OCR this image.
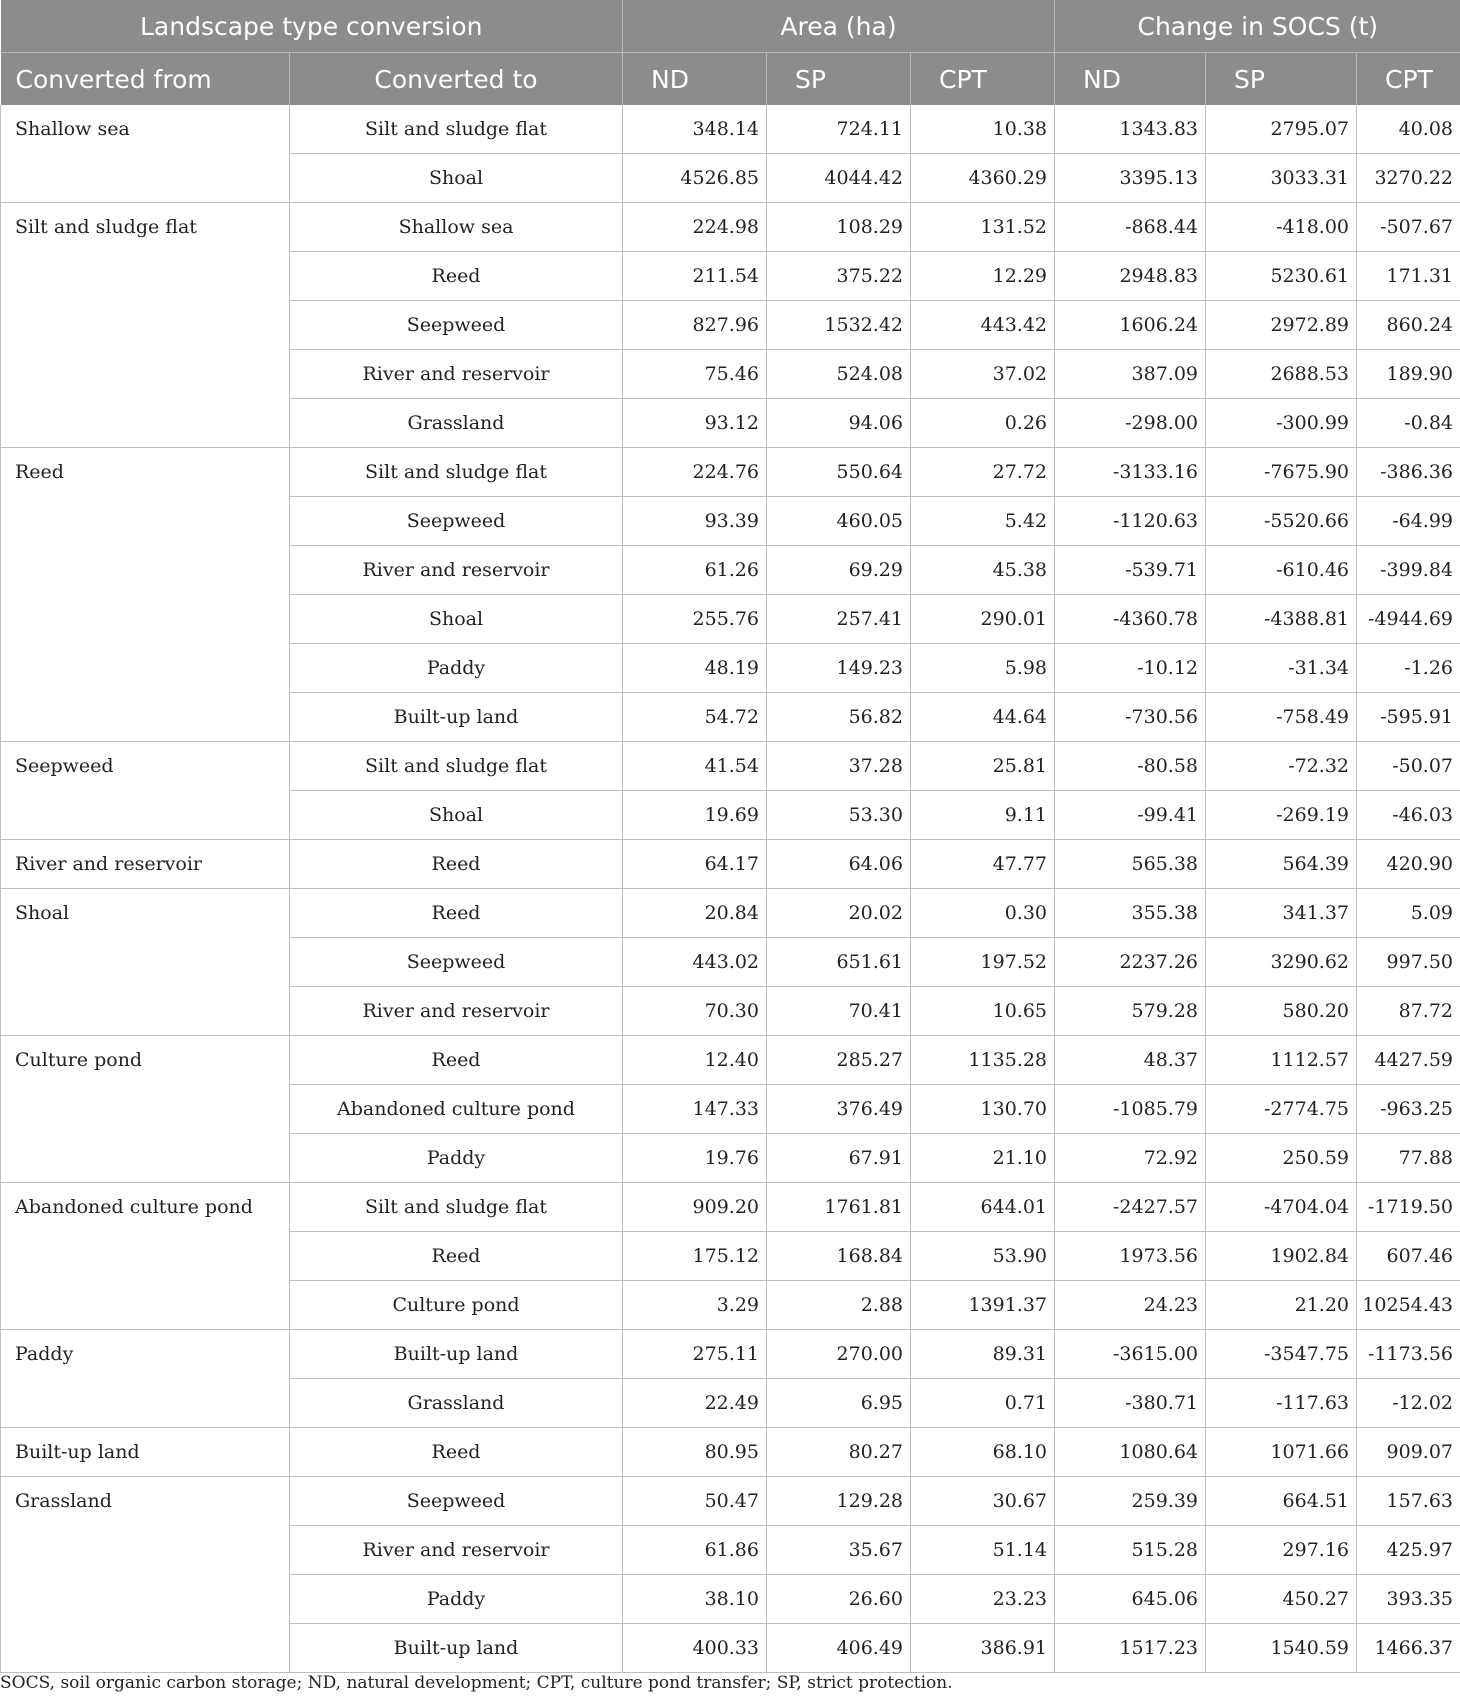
Landscape type conversion		Area (ha)			Change in SOCS (t)		
Converted from	Converted to	ND	SP	CPT	ND	SP	CPT
Shallow sea	Silt and sludge flat	348.14	724.11	10.38	1343.83	2795.07	40.08
	Shoal	4526.85	4044.42	4360.29	3395.13	3033.31	3270.22
Silt and sludge flat	Shallow sea	224.98	108.29	131.52	-868.44	-418.00	-507.67
	Reed	211.54	375.22	12.29	2948.83	5230.61	171.31
	Seepweed	827.96	1532.42	443.42	1606.24	2972.89	860.24
	River and reservoir	75.46	524.08	37.02	387.09	2688.53	189.90
	Grassland	93.12	94.06	0.26	-298.00	-300.99	-0.84
Reed	Silt and sludge flat	224.76	550.64	27.72	-3133.16	-7675.90	-386.36
	Seepweed	93.39	460.05	5.42	-1120.63	-5520.66	-64.99
	River and reservoir	61.26	69.29	45.38	-539.71	-610.46	-399.84
	Shoal	255.76	257.41	290.01	-4360.78	-4388.81	-4944.69
	Paddy	48.19	149.23	5.98	-10.12	-31.34	-1.26
	Built-up land	54.72	56.82	44.64	-730.56	-758.49	-595.91
Seepweed	Silt and sludge flat	41.54	37.28	25.81	-80.58	-72.32	-50.07
	Shoal	19.69	53.30	9.11	-99.41	-269.19	-46.03
River and reservoir	Reed	64.17	64.06	47.77	565.38	564.39	420.90
Shoal	Reed	20.84	20.02	0.30	355.38	341.37	5.09
	Seepweed	443.02	651.61	197.52	2237.26	3290.62	997.50
	River and reservoir	70.30	70.41	10.65	579.28	580.20	87.72
Culture pond	Reed	12.40	285.27	1135.28	48.37	1112.57	4427.59
	Abandoned culture pond	147.33	376.49	130.70	-1085.79	-2774.75	-963.25
	Paddy	19.76	67.91	21.10	72.92	250.59	77.88
Abandoned culture pond	Silt and sludge flat	909.20	1761.81	644.01	-2427.57	-4704.04	-1719.50
	Reed	175.12	168.84	53.90	1973.56	1902.84	607.46
	Culture pond	3.29	2.88	1391.37	24.23	21.20	10254.43
Paddy	Built-up land	275.11	270.00	89.31	-3615.00	-3547.75	-1173.56
	Grassland	22.49	6.95	0.71	-380.71	-117.63	-12.02
Built-up land	Reed	80.95	80.27	68.10	1080.64	1071.66	909.07
Grassland	Seepweed	50.47	129.28	30.67	259.39	664.51	157.63
	River and reservoir	61.86	35.67	51.14	515.28	297.16	425.97
	Paddy	38.10	26.60	23.23	645.06	450.27	393.35
	Built-up land	400.33	406.49	386.91	1517.23	1540.59	1466.37
SOCS, soil organic carbon storage; ND, natural development; CPT, culture pond transfer; SP, strict protection.
